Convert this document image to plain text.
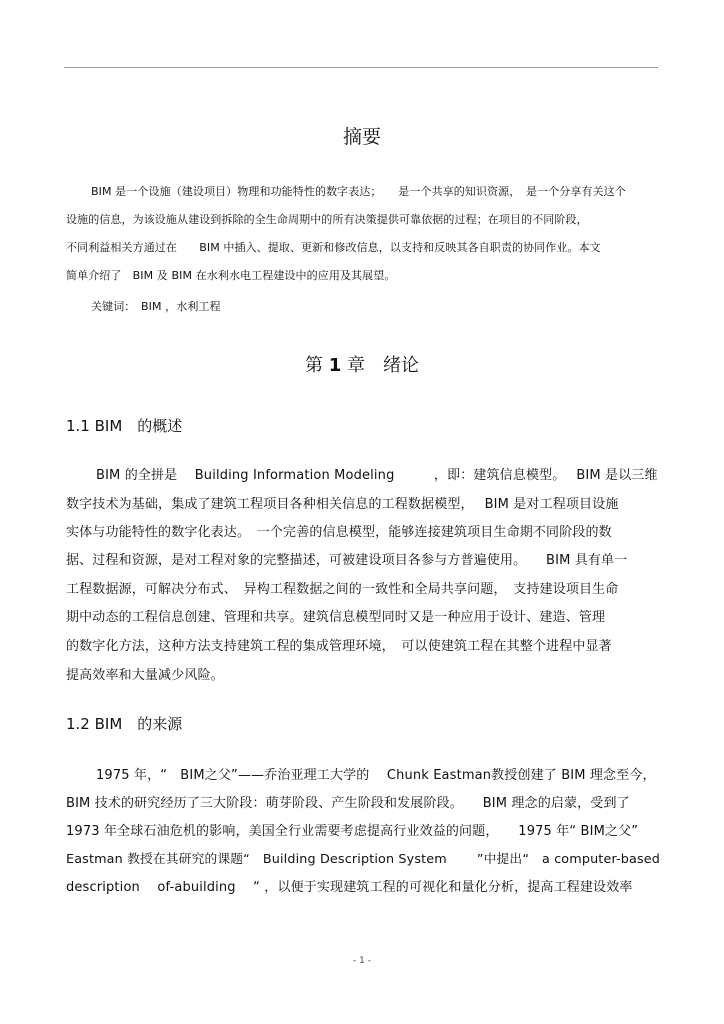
摘要
BIM 是一个设施（建设项目）物理和功能特性的数字表达；　　是一个共享的知识资源，　是一个分享有关这个
设施的信息，为该设施从建设到拆除的全生命周期中的所有决策提供可靠依据的过程；在项目的不同阶段，
不同利益相关方通过在　　BIM 中插入、提取、更新和修改信息，以支持和反映其各自职责的协同作业。本文
简单介绍了　BIM 及 BIM 在水利水电工程建设中的应用及其展望。
关键词：　BIM ，水利工程
第 1 章　绪论
1.1 BIM　的概述
BIM 的全拼是　 Building Information Modeling　　　，即：建筑信息模型。　 BIM 是以三维
数字技术为基础，集成了建筑工程项目各种相关信息的工程数据模型，　 BIM 是对工程项目设施
实体与功能特性的数字化表达。　一个完善的信息模型，能够连接建筑项目生命期不同阶段的数
据、过程和资源，是对工程对象的完整描述，可被建设项目各参与方普遍使用。　　BIM 具有单一
工程数据源，可解决分布式、　异构工程数据之间的一致性和全局共享问题，　支持建设项目生命
期中动态的工程信息创建、管理和共享。建筑信息模型同时又是一种应用于设计、建造、管理
的数字化方法，这种方法支持建筑工程的集成管理环境，　可以使建筑工程在其整个进程中显著
提高效率和大量减少风险。
1.2 BIM　的来源
1975 年，“　BIM之父”——乔治亚理工大学的　 Chunk Eastman教授创建了 BIM 理念至今，
BIM 技术的研究经历了三大阶段：萌芽阶段、产生阶段和发展阶段。　　BIM 理念的启蒙，受到了
1973 年全球石油危机的影响，美国全行业需要考虑提高行业效益的问题，　　1975 年“ BIM之父”
Eastman 教授在其研究的课题“　Building Description System　　 ”中提出“　a computer-based
description　 of-abuilding　 “ ，以便于实现建筑工程的可视化和量化分析，提高工程建设效率
- 1 -
